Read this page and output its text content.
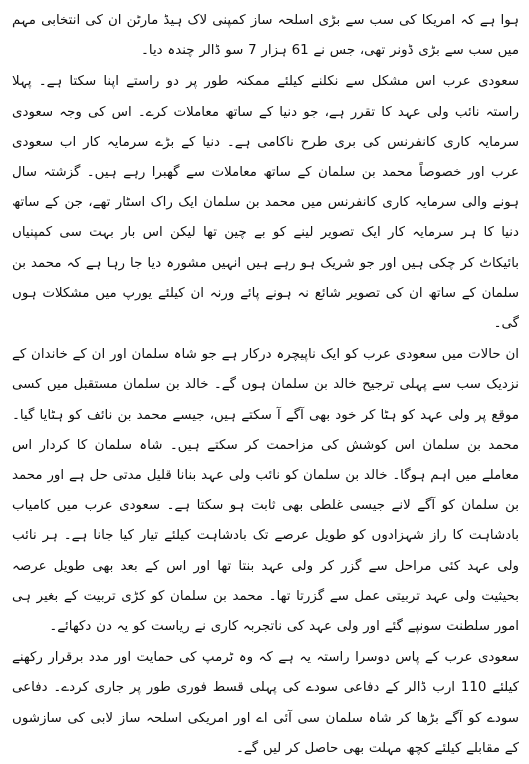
ہوا ہے کہ امریکا کی سب سے بڑی اسلحہ ساز کمپنی لاک ہیڈ مارٹن ان کی انتخابی مہم میں سب سے بڑی ڈونر تھی، جس نے 61 ہزار 7 سو ڈالر چندہ دیا۔

سعودی عرب اس مشکل سے نکلنے کیلئے ممکنہ طور پر دو راستے اپنا سکتا ہے۔ پہلا راستہ نائب ولی عہد کا تقرر ہے، جو دنیا کے ساتھ معاملات کرے۔ اس کی وجہ سعودی سرمایہ کاری کانفرنس کی بری طرح ناکامی ہے۔ دنیا کے بڑے سرمایہ کار اب سعودی عرب اور خصوصاً محمد بن سلمان کے ساتھ معاملات سے گھبرا رہے ہیں۔ گزشتہ سال ہونے والی سرمایہ کاری کانفرنس میں محمد بن سلمان ایک راک اسٹار تھے، جن کے ساتھ دنیا کا ہر سرمایہ کار ایک تصویر لینے کو بے چین تھا لیکن اس بار بہت سی کمپنیاں بائیکاٹ کر چکی ہیں اور جو شریک ہو رہے ہیں انہیں مشورہ دیا جا رہا ہے کہ محمد بن سلمان کے ساتھ ان کی تصویر شائع نہ ہونے پائے ورنہ ان کیلئے یورپ میں مشکلات ہوں گی۔

ان حالات میں سعودی عرب کو ایک ناپیچرہ درکار ہے جو شاہ سلمان اور ان کے خاندان کے نزدیک سب سے پہلی ترجیح خالد بن سلمان ہوں گے۔ خالد بن سلمان مستقبل میں کسی موقع پر ولی عہد کو ہٹا کر خود بھی آگے آ سکتے ہیں، جیسے محمد بن نائف کو ہٹایا گیا۔ محمد بن سلمان اس کوشش کی مزاحمت کر سکتے ہیں۔ شاہ سلمان کا کردار اس معاملے میں اہم ہوگا۔ خالد بن سلمان کو نائب ولی عہد بنانا قلیل مدتی حل ہے اور محمد بن سلمان کو آگے لانے جیسی غلطی بھی ثابت ہو سکتا ہے۔ سعودی عرب میں کامیاب بادشاہت کا راز شہزادوں کو طویل عرصے تک بادشاہت کیلئے تیار کیا جانا ہے۔ ہر نائب ولی عہد کئی مراحل سے گزر کر ولی عہد بنتا تھا اور اس کے بعد بھی طویل عرصہ بحیثیت ولی عہد تربیتی عمل سے گزرتا تھا۔ محمد بن سلمان کو کڑی تربیت کے بغیر ہی امور سلطنت سونپے گئے اور ولی عہد کی ناتجربہ کاری نے ریاست کو یہ دن دکھائے۔

سعودی عرب کے پاس دوسرا راستہ یہ ہے کہ وہ ٹرمپ کی حمایت اور مدد برقرار رکھنے کیلئے 110 ارب ڈالر کے دفاعی سودے کی پہلی قسط فوری طور پر جاری کردے۔ دفاعی سودے کو آگے بڑھا کر شاہ سلمان سی آئی اے اور امریکی اسلحہ ساز لابی کی سازشوں کے مقابلے کیلئے کچھ مہلت بھی حاصل کر لیں گے۔
